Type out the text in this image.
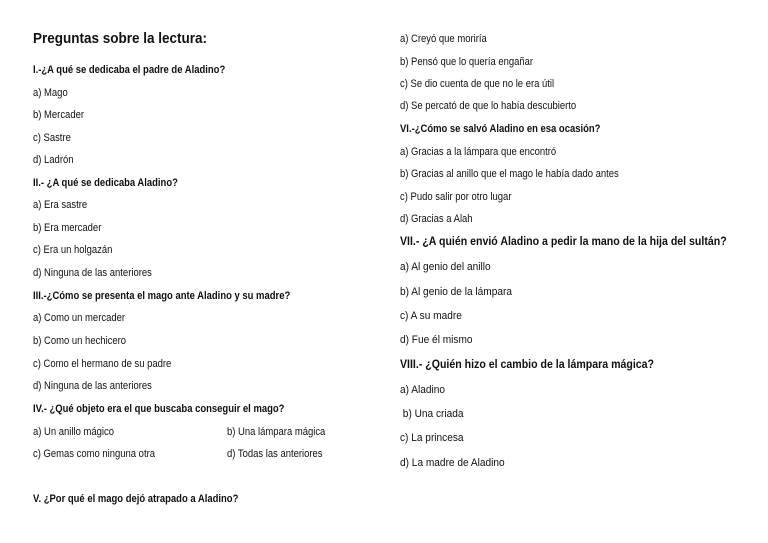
Preguntas sobre la lectura:
I.-¿A qué se dedicaba el padre de Aladino?
a) Mago
b) Mercader
c) Sastre
d) Ladrón
II.- ¿A qué se dedicaba Aladino?
a) Era sastre
b) Era mercader
c) Era un holgazán
d) Ninguna de las anteriores
III.-¿Cómo se presenta el mago ante Aladino y su madre?
a) Como un mercader
b) Como un hechicero
c) Como el hermano de su padre
d) Ninguna de las anteriores
IV.- ¿Qué objeto era el que buscaba conseguir el mago?
a) Un anillo mágico	b) Una lámpara mágica
c) Gemas como ninguna otra	d) Todas las anteriores
V. ¿Por qué el mago dejó atrapado a Aladino?
a) Creyó que moriría
b) Pensó que lo quería engañar
c) Se dio cuenta de que no le era útil
d) Se percató de que lo había descubierto
VI.-¿Cómo se salvó Aladino en esa ocasión?
a) Gracias a la lámpara que encontró
b) Gracias al anillo que el mago le había dado antes
c) Pudo salir por otro lugar
d) Gracias a Alah
VII.- ¿A quién envió Aladino a pedir la mano de la hija del sultán?
a) Al genio del anillo
b) Al genio de la lámpara
c) A su madre
d) Fue él mismo
VIII.- ¿Quién hizo el cambio de la lámpara mágica?
a) Aladino
b) Una criada
c) La princesa
d) La madre de Aladino
